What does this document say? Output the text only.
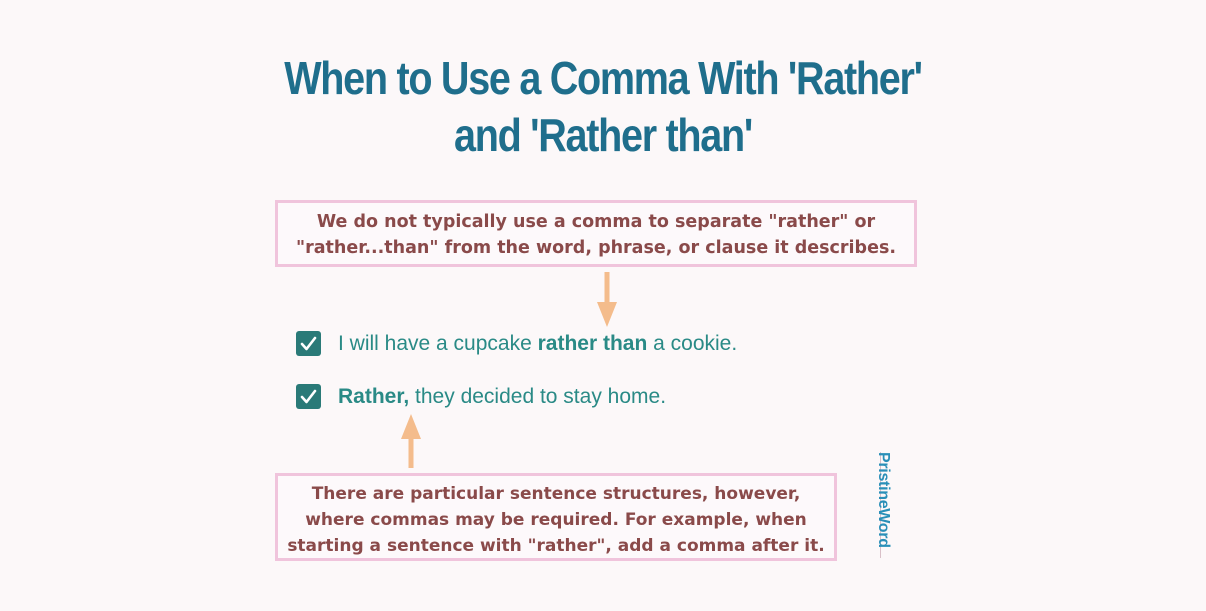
When to Use a Comma With 'Rather'
and 'Rather than'
We do not typically use a comma to separate "rather" or
"rather...than" from the word, phrase, or clause it describes.
I will have a cupcake rather than a cookie.
Rather, they decided to stay home.
There are particular sentence structures, however,
where commas may be required. For example, when
starting a sentence with "rather", add a comma after it.	PristineWord
